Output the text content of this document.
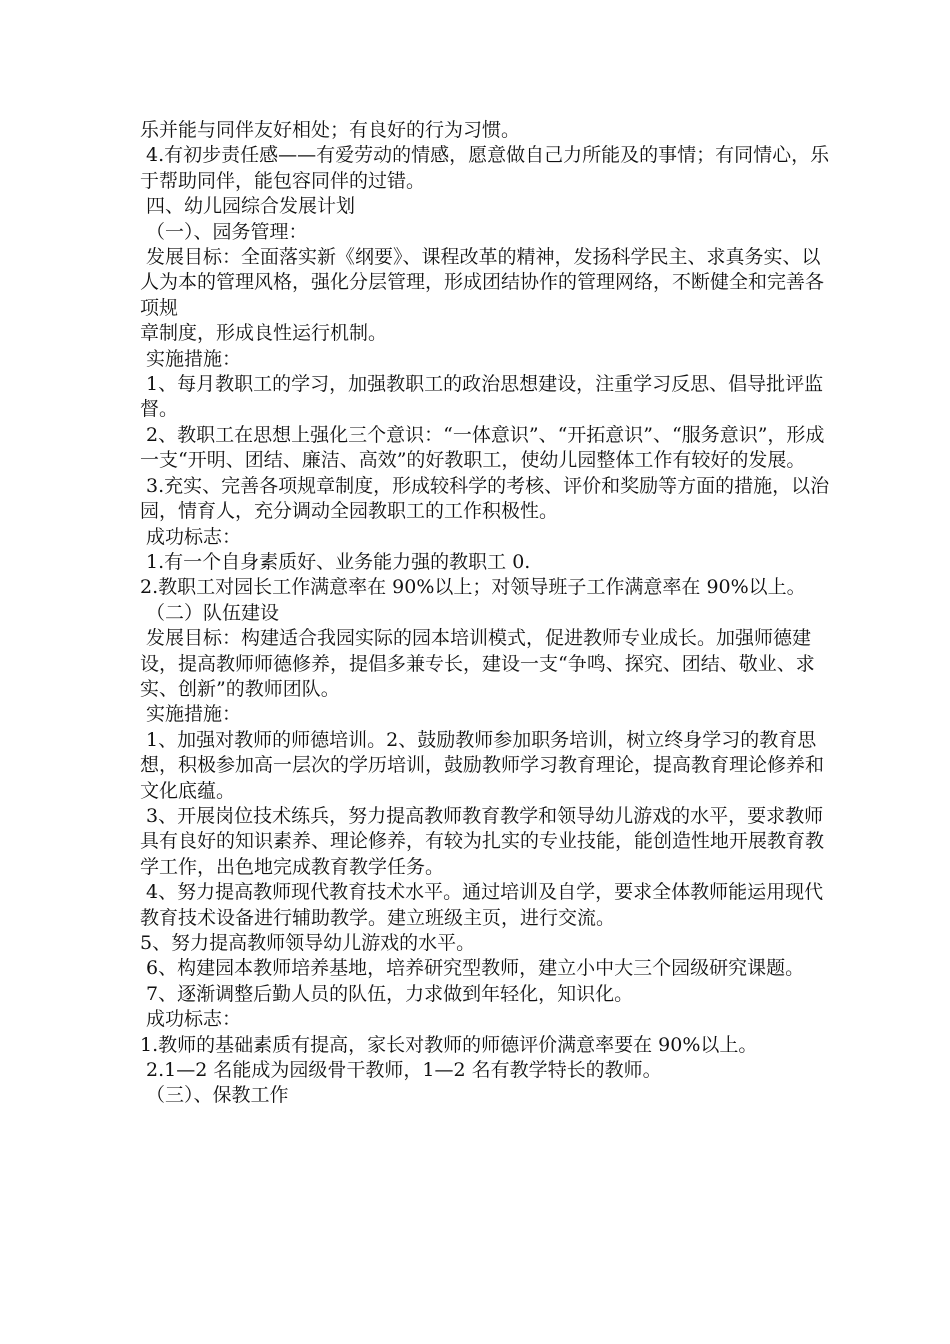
乐并能与同伴友好相处；有良好的行为习惯。

4.有初步责任感——有爱劳动的情感，愿意做自己力所能及的事情；有同情心，乐于帮助同伴，能包容同伴的过错。

四、幼儿园综合发展计划

（一）、园务管理：

发展目标：全面落实新《纲要》、课程改革的精神，发扬科学民主、求真务实、以

人为本的管理风格，强化分层管理，形成团结协作的管理网络，不断健全和完善各项规

章制度，形成良性运行机制。

实施措施：

1、每月教职工的学习，加强教职工的政治思想建设，注重学习反思、倡导批评监督。

2、教职工在思想上强化三个意识：“一体意识”、“开拓意识”、“服务意识”，形成一支“开明、团结、廉洁、高效”的好教职工，使幼儿园整体工作有较好的发展。

3.充实、完善各项规章制度，形成较科学的考核、评价和奖励等方面的措施，以治园，情育人，充分调动全园教职工的工作积极性。

成功标志：

1.有一个自身素质好、业务能力强的教职工 0.

2.教职工对园长工作满意率在 90%以上；对领导班子工作满意率在 90%以上。

（二）队伍建设

发展目标：构建适合我园实际的园本培训模式，促进教师专业成长。加强师德建设，提高教师师德修养，提倡多兼专长，建设一支“争鸣、探究、团结、敬业、求实、创新”的教师团队。

实施措施：

1、加强对教师的师德培训。2、鼓励教师参加职务培训，树立终身学习的教育思想，积极参加高一层次的学历培训，鼓励教师学习教育理论，提高教育理论修养和文化底蕴。

3、开展岗位技术练兵，努力提高教师教育教学和领导幼儿游戏的水平，要求教师具有良好的知识素养、理论修养，有较为扎实的专业技能，能创造性地开展教育教学工作，出色地完成教育教学任务。

4、努力提高教师现代教育技术水平。通过培训及自学，要求全体教师能运用现代教育技术设备进行辅助教学。建立班级主页，进行交流。

5、努力提高教师领导幼儿游戏的水平。

6、构建园本教师培养基地，培养研究型教师，建立小中大三个园级研究课题。

7、逐渐调整后勤人员的队伍，力求做到年轻化，知识化。

成功标志：

1.教师的基础素质有提高，家长对教师的师德评价满意率要在 90%以上。

2.1—2 名能成为园级骨干教师，1—2 名有教学特长的教师。

（三）、保教工作
